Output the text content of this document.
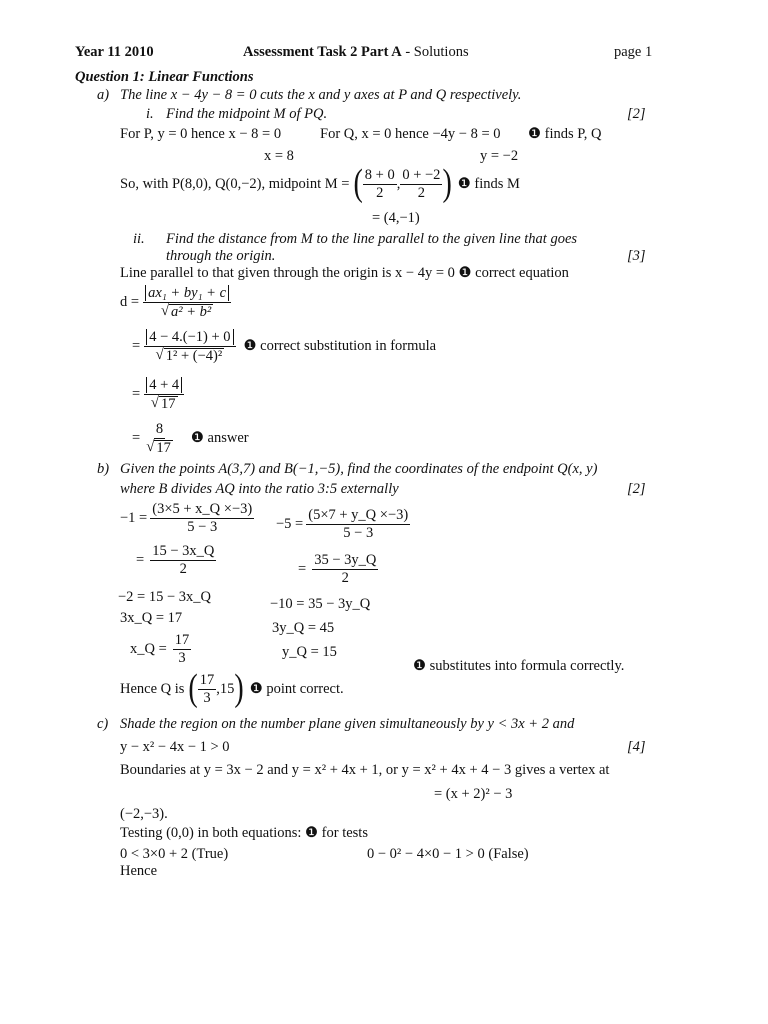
Year 11 2010	Assessment Task 2 Part A - Solutions	page 1
Question 1: Linear Functions
a) The line x − 4y − 8 = 0 cuts the x and y axes at P and Q respectively.
i. Find the midpoint M of PQ.	[2]
For P, y = 0 hence x − 8 = 0	For Q, x = 0 hence −4y − 8 = 0 ❶ finds P, Q
x = 8	y = −2
So, with P(8,0), Q(0,−2), midpoint M = ( $\frac{8 + 0}{2}$ , $\frac{0 + -2}{2}$ ) ❶ finds M
= (4,−1)
ii. Find the distance from M to the line parallel to the given line that goes
through the origin.	[3]
Line parallel to that given through the origin is x − 4y = 0 ❶ correct equation
$d = \frac{\text{ax₁ + by₁ + c}}{\text{√ a² + b²}}$
= $\frac{4 - 4.(-1) + 0}{\text{√ 1² + (−4)²}}$ ❶ correct substitution in formula
= $\frac{4 + 4}{√ 17}$
= $\frac{8}{√ 17}$ ❶ answer
b) Given the points A(3,7) and B(−1,−5), find the coordinates of the endpoint Q(x, y)
where B divides AQ into the ratio 3:5 externally	[2]
$-1 = \frac{(3\times 5 + x\_Q \times-3)}{5 - 3}$
= $\frac{15 - 3x\_Q}{2}$
−2 = 15 − 3x_Q
3x_Q = 17
x_Q = $\frac{17}{3}$
$-5 = \frac{(5\times 7 + y\_Q \times-3)}{5 - 3}$
= $\frac{35 - 3y\_Q}{2}$
−10 = 35 − 3y_Q
3y_Q = 45
y_Q = 15
❶ substitutes into formula correctly.
Hence Q is ( $\frac{17}{3} ,15$ ) ❶ point correct.
c) Shade the region on the number plane given simultaneously by y < 3x + 2 and
y − x² − 4x − 1 > 0	[4]
Boundaries at y = 3x − 2 and y = x² + 4x + 1, or y = x² + 4x + 4 − 3 gives a vertex at
= (x + 2)² − 3
(−2,−3).
Testing (0,0) in both equations: ❶ for tests
0 < 3×0 + 2 (True)	0 − 0² − 4×0 − 1 > 0 (False)
Hence
